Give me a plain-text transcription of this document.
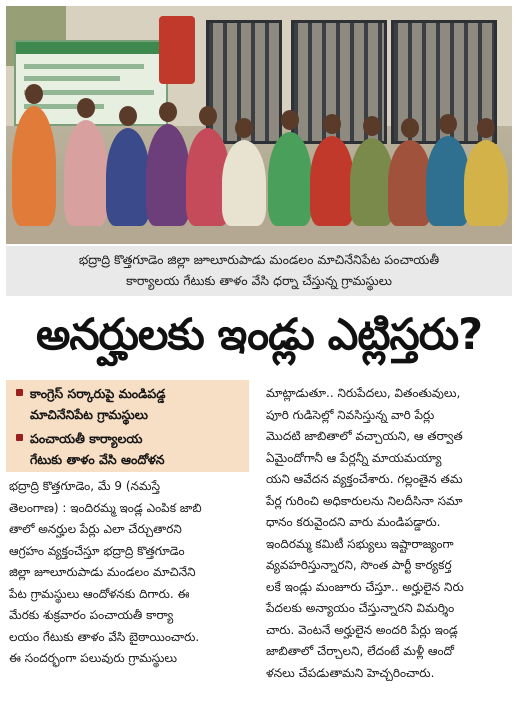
భద్రాద్రి కొత్తగూడెం జిల్లా జూలూరుపాడు మండలం మాచినేనిపేట పంచాయతీ

కార్యాలయ గేటుకు తాళం వేసి ధర్నా చేస్తున్న గ్రామస్థులు

అనర్హులకు ఇండ్లు ఎట్లిస్తరు?
కాంగ్రెస్ సర్కారుపై మండిపడ్డ
మాచినేనిపేట గ్రామస్థులు
పంచాయతీ కార్యాలయ
గేటుకు తాళం వేసి ఆందోళన

భద్రాద్రి కొత్తగూడెం, మే 9 (నమస్తే

తెలంగాణ) : ఇందిరమ్మ ఇండ్ల ఎంపిక జాబి

తాలో అనర్హుల పేర్లు ఎలా చేర్చుతారని

ఆగ్రహం వ్యక్తంచేస్తూ భద్రాద్రి కొత్తగూడెం

జిల్లా జూలూరుపాడు మండలం మాచినేని

పేట గ్రామస్థులు ఆందోళనకు దిగారు. ఈ

మేరకు శుక్రవారం పంచాయతీ కార్యా

లయం గేటుకు తాళం వేసి బైఠాయించారు.

ఈ సందర్భంగా పలువురు గ్రామస్థులు

మాట్లాడుతూ.. నిరుపేదలు, వితంతువులు,

పూరి గుడిసెల్లో నివసిస్తున్న వారి పేర్లు

మొదటి జాబితాలో వచ్చాయని, ఆ తర్వాత

ఏమైందోగానీ ఆ పేర్లన్నీ మాయమయ్యా

యని ఆవేదన వ్యక్తంచేశారు. గల్లంతైన తమ

పేర్ల గురించి అధికారులను నిలదీసినా సమా

ధానం కరువైందని వారు మండిపడ్డారు.

ఇందిరమ్మ కమిటీ సభ్యులు ఇష్టారాజ్యంగా

వ్యవహరిస్తున్నారని, సొంత పార్టీ కార్యకర్త

లకే ఇండ్లు మంజూరు చేస్తూ.. అర్హులైన నిరు

పేదలకు అన్యాయం చేస్తున్నారని విమర్శిం

చారు. వెంటనే అర్హులైన అందరి పేర్లు ఇండ్ల

జాబితాలో చేర్చాలని, లేదంటే మళ్లీ ఆందో

ళనలు చేపడుతామని హెచ్చరించారు.
